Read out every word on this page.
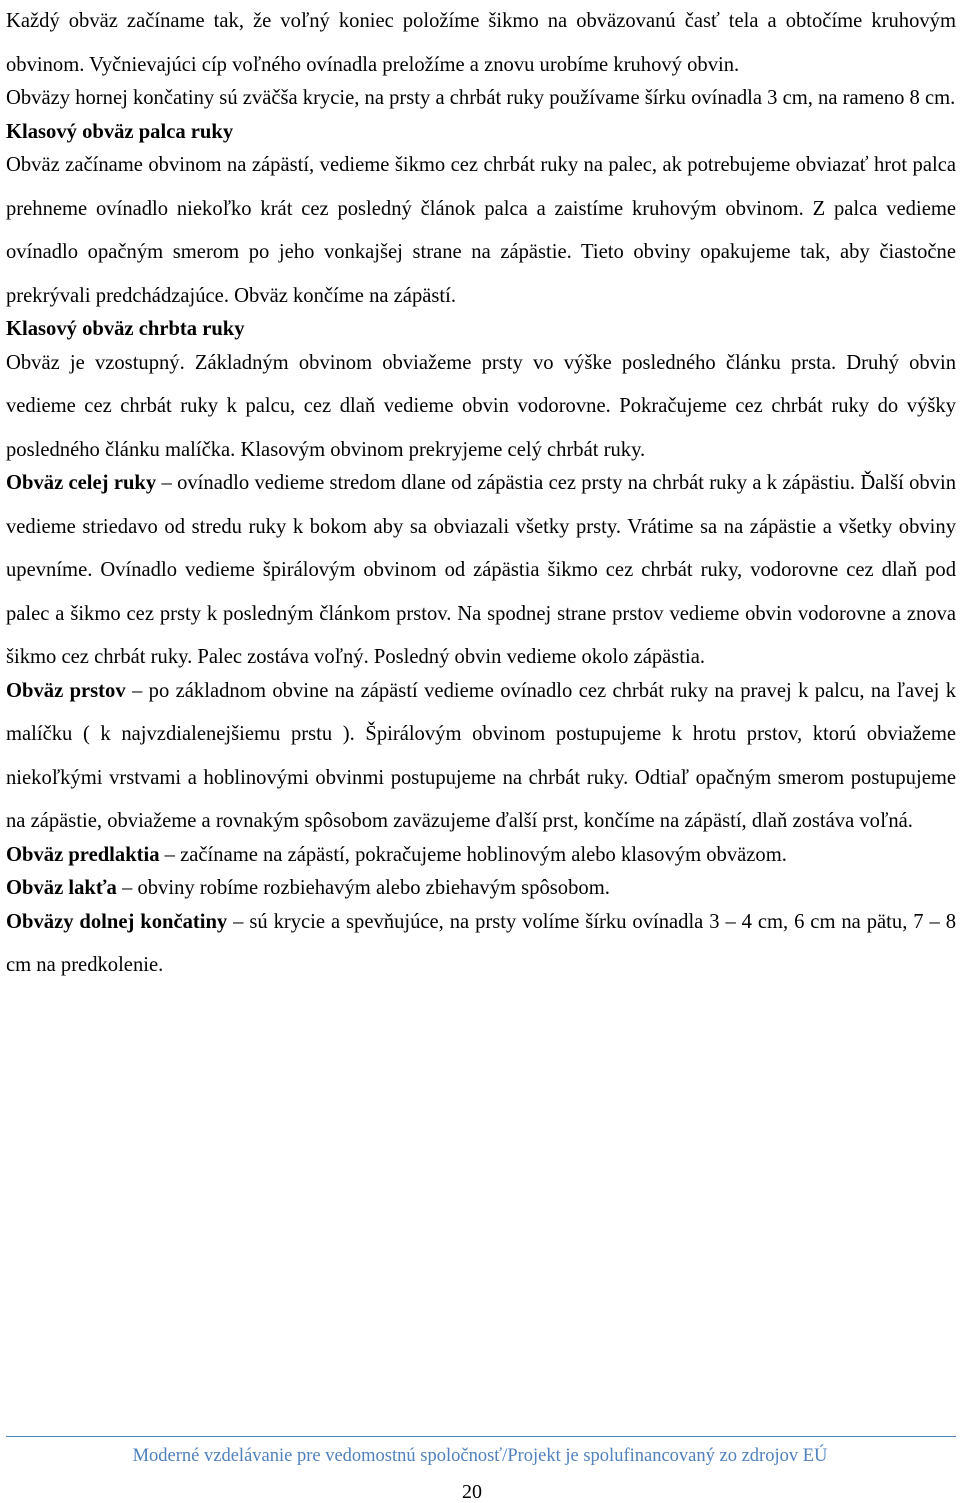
Každý obväz začíname tak, že voľný koniec položíme šikmo na obväzovanú časť tela a obtočíme kruhovým obvinom. Vyčnievajúci cíp voľného ovínadla preložíme a znovu urobíme kruhový obvin.

Obväzy hornej končatiny sú zväčša krycie, na prsty a chrbát ruky používame šírku ovínadla 3 cm, na rameno 8 cm.

Klasový obväz palca ruky

Obväz začíname obvinom na zápästí, vedieme šikmo cez chrbát ruky na palec, ak potrebujeme obviazať hrot palca prehneme ovínadlo niekoľko krát cez posledný článok palca a zaistíme kruhovým obvinom. Z palca vedieme ovínadlo opačným smerom po jeho vonkajšej strane na zápästie. Tieto obviny opakujeme tak, aby čiastočne prekrývali predchádzajúce. Obväz končíme na zápästí.

Klasový obväz chrbta ruky

Obväz je vzostupný. Základným obvinom obviažeme prsty vo výške posledného článku prsta. Druhý obvin vedieme cez chrbát ruky k palcu, cez dlaň vedieme obvin vodorovne. Pokračujeme cez chrbát ruky do výšky posledného článku malíčka. Klasovým obvinom prekryjeme celý chrbát ruky.

Obväz celej ruky – ovínadlo vedieme stredom dlane od zápästia cez prsty na chrbát ruky a k zápästiu. Ďalší obvin vedieme striedavo od stredu ruky k bokom aby sa obviazali všetky prsty. Vrátime sa na zápästie a všetky obviny upevníme. Ovínadlo vedieme špirálovým obvinom od zápästia šikmo cez chrbát ruky, vodorovne cez dlaň pod palec a šikmo cez prsty k posledným článkom prstov. Na spodnej strane prstov vedieme obvin vodorovne a znova šikmo cez chrbát ruky. Palec zostáva voľný. Posledný obvin vedieme okolo zápästia.

Obväz prstov – po základnom obvine na zápästí vedieme ovínadlo cez chrbát ruky na pravej k palcu, na ľavej k malíčku ( k najvzdialenejšiemu prstu ). Špirálovým obvinom postupujeme k hrotu prstov, ktorú obviažeme niekoľkými vrstvami a hoblinovými obvinmi postupujeme na chrbát ruky. Odtiaľ opačným smerom postupujeme na zápästie, obviažeme a rovnakým spôsobom zaväzujeme ďalší prst, končíme na zápästí, dlaň zostáva voľná.

Obväz predlaktia – začíname na zápästí, pokračujeme hoblinovým alebo klasovým obväzom.

Obväz lakťa – obviny robíme rozbiehavým alebo zbiehavým spôsobom.

Obväzy dolnej končatiny – sú krycie a spevňujúce, na prsty volíme šírku ovínadla 3 – 4 cm, 6 cm na pätu, 7 – 8 cm na predkolenie.

Moderné vzdelávanie pre vedomostnú spoločnosť/Projekt je spolufinancovaný zo zdrojov EÚ
20
